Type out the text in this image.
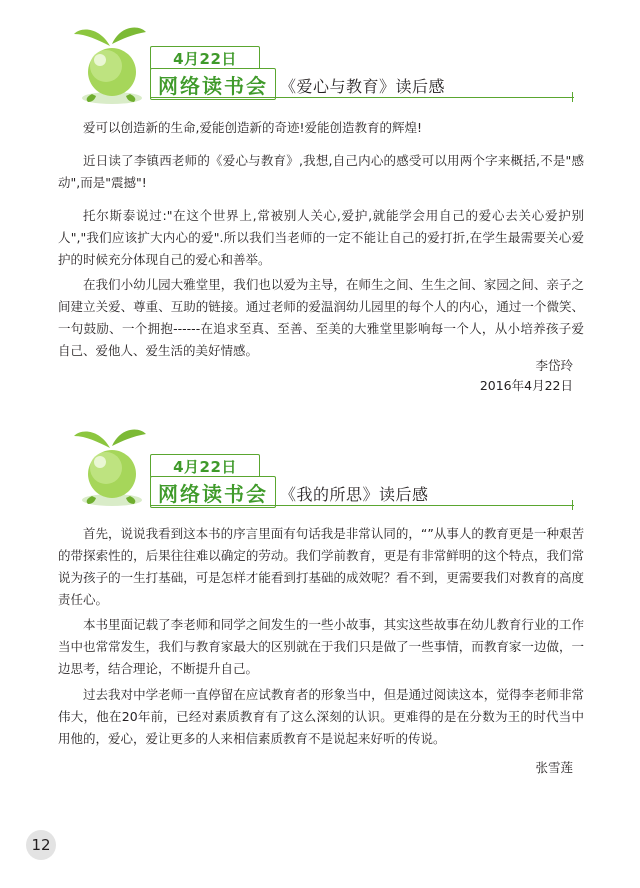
4月22日
网络读书会 《爱心与教育》读后感

爱可以创造新的生命,爱能创造新的奇迹!爱能创造教育的辉煌!

近日读了李镇西老师的《爱心与教育》,我想,自己内心的感受可以用两个字来概括,不是"感动",而是"震撼"!

托尔斯泰说过:"在这个世界上,常被别人关心,爱护,就能学会用自己的爱心去关心爱护别人","我们应该扩大内心的爱".所以我们当老师的一定不能让自己的爱打折,在学生最需要关心爱护的时候充分体现自己的爱心和善举。

在我们小幼儿园大雅堂里，我们也以爱为主导，在师生之间、生生之间、家园之间、亲子之间建立关爱、尊重、互助的链接。通过老师的爱温润幼儿园里的每个人的内心，通过一个微笑、一句鼓励、一个拥抱------在追求至真、至善、至美的大雅堂里影响每一个人，从小培养孩子爱自己、爱他人、爱生活的美好情感。

李岱玲

2016年4月22日

4月22日
网络读书会 《我的所思》读后感

首先，说说我看到这本书的序言里面有句话我是非常认同的，“”从事人的教育更是一种艰苦的带探索性的，后果往往难以确定的劳动。我们学前教育，更是有非常鲜明的这个特点，我们常说为孩子的一生打基础，可是怎样才能看到打基础的成效呢？看不到，更需要我们对教育的高度责任心。

本书里面记载了李老师和同学之间发生的一些小故事，其实这些故事在幼儿教育行业的工作当中也常常发生，我们与教育家最大的区别就在于我们只是做了一些事情，而教育家一边做，一边思考，结合理论，不断提升自己。

过去我对中学老师一直停留在应试教育者的形象当中，但是通过阅读这本，觉得李老师非常伟大，他在20年前，已经对素质教育有了这么深刻的认识。更难得的是在分数为王的时代当中用他的，爱心，爱让更多的人来相信素质教育不是说起来好听的传说。

张雪莲

12
